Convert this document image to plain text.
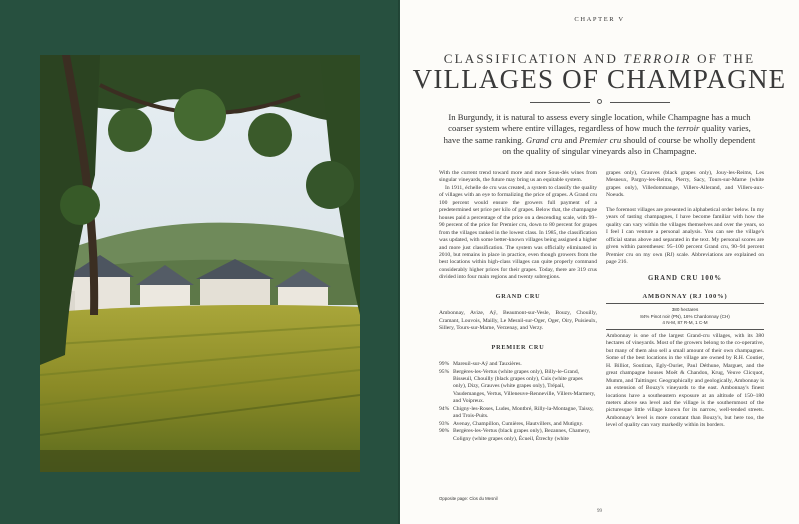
CHAPTER V
CLASSIFICATION AND TERROIR OF THE
VILLAGES OF CHAMPAGNE
In Burgundy, it is natural to assess every single location, while Champagne has a much coarser system where entire villages, regardless of how much the terroir quality varies, have the same ranking. Grand cru and Premier cru should of course be wholly dependent on the quality of singular vineyards also in Champagne.

With the current trend toward more and more Sous-dés wines from singular vineyards, the future may bring us an equitable system.

In 1911, échelle de cru was created, a system to classify the quality of villages with an eye to formalizing the price of grapes. A Grand cru 100 percent would ensure the growers full payment of a predetermined set price per kilo of grapes. Below that, the champagne houses paid a percentage of the price on a descending scale, with 99–90 percent of the price for Premier cru, down to 80 percent for grapes from the villages ranked in the lowest class. In 1985, the classification was updated, with some better-known villages being assigned a higher and more just classification. The system was officially eliminated in 2010, but remains in place in practice, even though growers from the best locations within high-class villages can quite properly command considerably higher prices for their grapes. Today, there are 319 crus divided into four main regions and twenty subregions.

GRAND CRU

Ambonnay, Avize, Aÿ, Beaumont-sur-Vesle, Bouzy, Chouilly, Cramant, Louvois, Mailly, Le Mesnil-sur-Oger, Oger, Oiry, Puisieulx, Sillery, Tours-sur-Marne, Verzenay, and Verzy.

PREMIER CRU
99% Mareuil-sur-Aÿ and Tauxières.
95% Bergères-les-Vertus (white grapes only), Billy-le-Grand, Bisseuil, Chouilly (black grapes only), Cuis (white grapes only), Dizy, Grauves (white grapes only), Trépail, Vaudemanges, Vertus, Villeneuve-Renneville, Villers-Marmery, and Voipreux.
94% Chigny-les-Roses, Ludes, Montbré, Rilly-la-Montagne, Taissy, and Trois-Puits.
93% Avenay, Champillon, Cumières, Hautvillers, and Mutigny.
90% Bergères-les-Vertus (black grapes only), Bezannes, Chamery, Coligny (white grapes only), Écueil, Étrechy (white

grapes only), Grauves (black grapes only), Jouy-les-Reims, Les Mesneux, Pargny-les-Reims, Pierry, Sacy, Tours-sur-Marne (white grapes only), Villedommange, Villers-Allerand, and Villers-aux-Noeuds.

The foremost villages are presented in alphabetical order below. In my years of tasting champagnes, I have become familiar with how the quality can vary within the villages themselves and over the years, so I feel I can venture a personal analysis. You can see the village's official status above and separated in the text. My personal scores are given within parentheses: 95–100 percent Grand cru, 90–94 percent Premier cru on my own (RJ) scale. Abbreviations are explained on page 216.

GRAND CRU 100%
AMBONNAY (RJ 100%)
380 hectares
84% Pinot noir (PN), 16% Chardonnay (CH)
4 N-M, 87 R-M, 1 C-M

Ambonnay is one of the largest Grand-cru villages, with its 380 hectares of vineyards. Most of the growers belong to the co-operative, but many of them also sell a small amount of their own champagnes. Some of the best locations in the village are owned by R.H. Coutier, H. Billiot, Soutiran, Egly-Ouriet, Paul Déthune, Marguet, and the great champagne houses Moët & Chandon, Krug, Veuve Clicquot, Mumm, and Taittinger. Geographically and geologically, Ambonnay is an extension of Bouzy's vineyards to the east. Ambonnay's finest locations have a southeastern exposure at an altitude of 150–180 meters above sea level and the village is the southernmost of the picturesque little village known for its narrow, well-tended streets. Ambonnay's level is more constant than Bouzy's, but here too, the level of quality can vary markedly within its borders.

Opposite page: Clos du Mesnil
99
